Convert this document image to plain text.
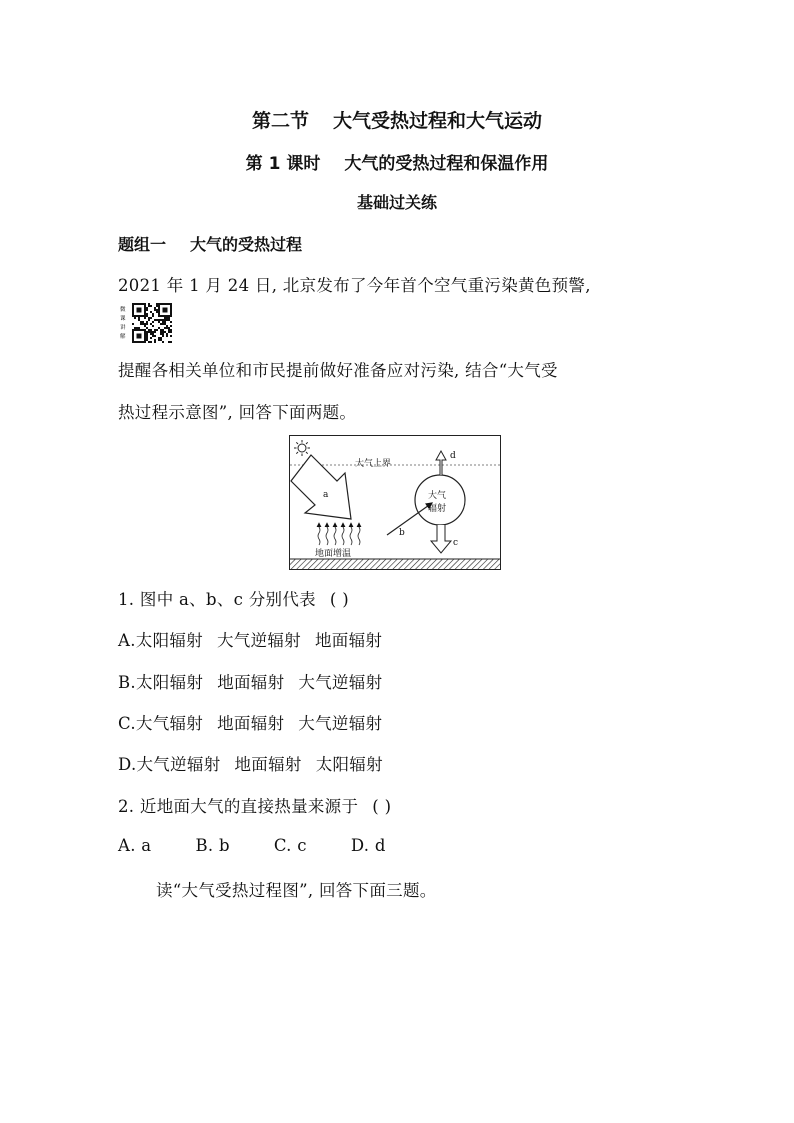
第二节 大气受热过程和大气运动
第 1 课时 大气的受热过程和保温作用
基础过关练
题组一 大气的受热过程
2021 年 1 月 24 日, 北京发布了今年首个空气重污染黄色预警,
微
课
讲
解
提醒各相关单位和市民提前做好准备应对污染, 结合“大气受
热过程示意图”, 回答下面两题。
大气上界
a
地面增温
大气
辐射
b
d
c
1. 图中 a、b、c 分别代表 ( )
A.太阳辐射 大气逆辐射 地面辐射
B.太阳辐射 地面辐射 大气逆辐射
C.大气辐射 地面辐射 大气逆辐射
D.大气逆辐射 地面辐射 太阳辐射
2. 近地面大气的直接热量来源于 ( )
A. a	B. b	C. c	D. d
读“大气受热过程图”, 回答下面三题。
